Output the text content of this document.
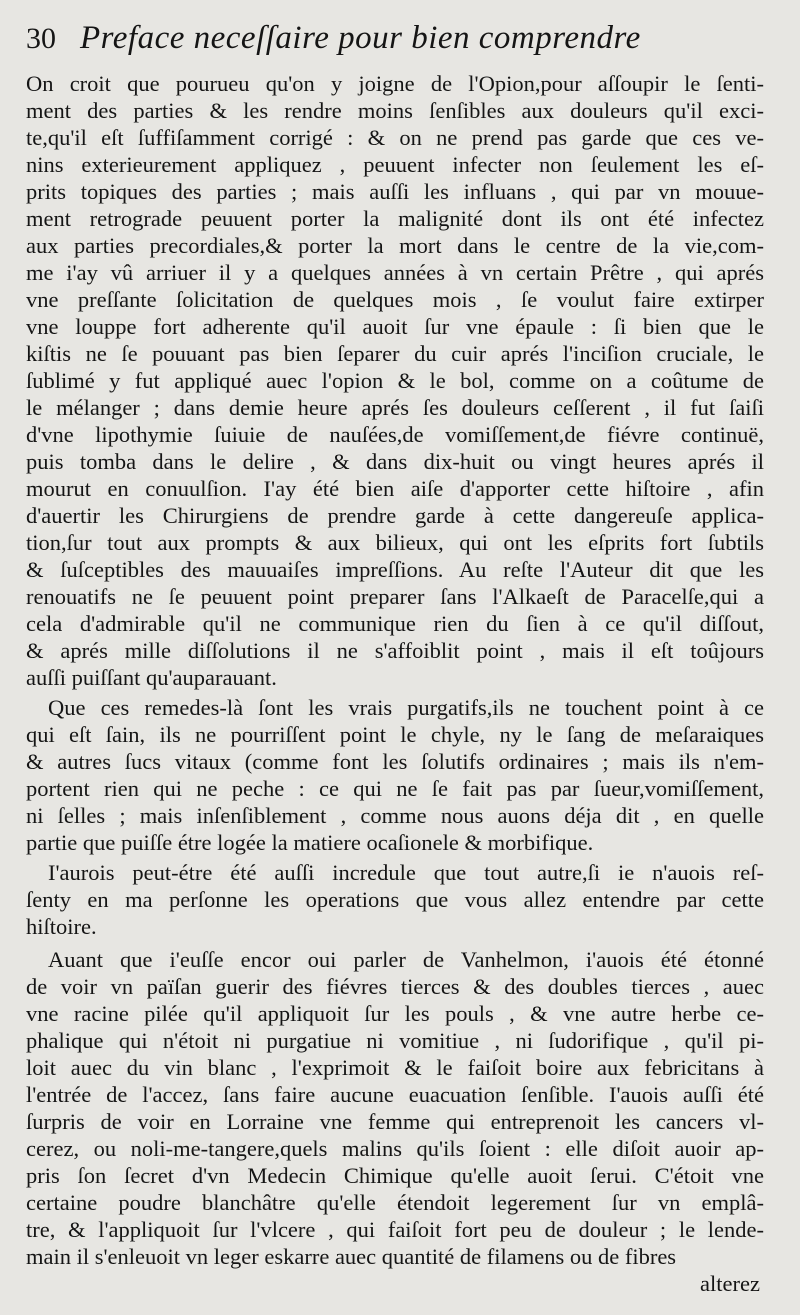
30 Preface neceſſaire pour bien comprendre
On croit que pourueu qu'on y joigne de l'Opion,pour aſſoupir le ſenti-
ment des parties & les rendre moins ſenſibles aux douleurs qu'il exci-
te,qu'il eſt ſuffiſamment corrigé : & on ne prend pas garde que ces ve-
nins exterieurement appliquez , peuuent infecter non ſeulement les eſ-
prits topiques des parties ; mais auſſi les influans , qui par vn mouue-
ment retrograde peuuent porter la malignité dont ils ont été infectez
aux parties precordiales,& porter la mort dans le centre de la vie,com-
me i'ay vû arriuer il y a quelques années à vn certain Prêtre , qui aprés
vne preſſante ſolicitation de quelques mois , ſe voulut faire extirper
vne louppe fort adherente qu'il auoit ſur vne épaule : ſi bien que le
kiſtis ne ſe pouuant pas bien ſeparer du cuir aprés l'inciſion cruciale, le
ſublimé y fut appliqué auec l'opion & le bol, comme on a coûtume de
le mélanger ; dans demie heure aprés ſes douleurs ceſſerent , il fut ſaiſi
d'vne lipothymie ſuiuie de nauſées,de vomiſſement,de fiévre continuë,
puis tomba dans le delire , & dans dix-huit ou vingt heures aprés il
mourut en conuulſion. I'ay été bien aiſe d'apporter cette hiſtoire , afin
d'auertir les Chirurgiens de prendre garde à cette dangereuſe applica-
tion,ſur tout aux prompts & aux bilieux, qui ont les eſprits fort ſubtils
& ſuſceptibles des mauuaiſes impreſſions. Au reſte l'Auteur dit que les
renouatifs ne ſe peuuent point preparer ſans l'Alkaeſt de Paracelſe,qui a
cela d'admirable qu'il ne communique rien du ſien à ce qu'il diſſout,
& aprés mille diſſolutions il ne s'affoiblit point , mais il eſt toûjours
auſſi puiſſant qu'auparauant.
Que ces remedes-là ſont les vrais purgatifs,ils ne touchent point à ce
qui eſt ſain, ils ne pourriſſent point le chyle, ny le ſang de meſaraiques
& autres ſucs vitaux (comme font les ſolutifs ordinaires ; mais ils n'em-
portent rien qui ne peche : ce qui ne ſe fait pas par ſueur,vomiſſement,
ni ſelles ; mais inſenſiblement , comme nous auons déja dit , en quelle
partie que puiſſe étre logée la matiere ocaſionele & morbifique.
I'aurois peut-étre été auſſi incredule que tout autre,ſi ie n'auois reſ-
ſenty en ma perſonne les operations que vous allez entendre par cette
hiſtoire.
Auant que i'euſſe encor oui parler de Vanhelmon, i'auois été étonné
de voir vn païſan guerir des fiévres tierces & des doubles tierces , auec
vne racine pilée qu'il appliquoit ſur les pouls , & vne autre herbe ce-
phalique qui n'étoit ni purgatiue ni vomitiue , ni ſudorifique , qu'il pi-
loit auec du vin blanc , l'exprimoit & le faiſoit boire aux febricitans à
l'entrée de l'accez, ſans faire aucune euacuation ſenſible. I'auois auſſi été
ſurpris de voir en Lorraine vne femme qui entreprenoit les cancers vl-
cerez, ou noli-me-tangere,quels malins qu'ils ſoient : elle diſoit auoir ap-
pris ſon ſecret d'vn Medecin Chimique qu'elle auoit ſerui. C'étoit vne
certaine poudre blanchâtre qu'elle étendoit legerement ſur vn emplâ-
tre, & l'appliquoit ſur l'vlcere , qui faiſoit fort peu de douleur ; le lende-
main il s'enleuoit vn leger eskarre auec quantité de filamens ou de fibres
alterez
